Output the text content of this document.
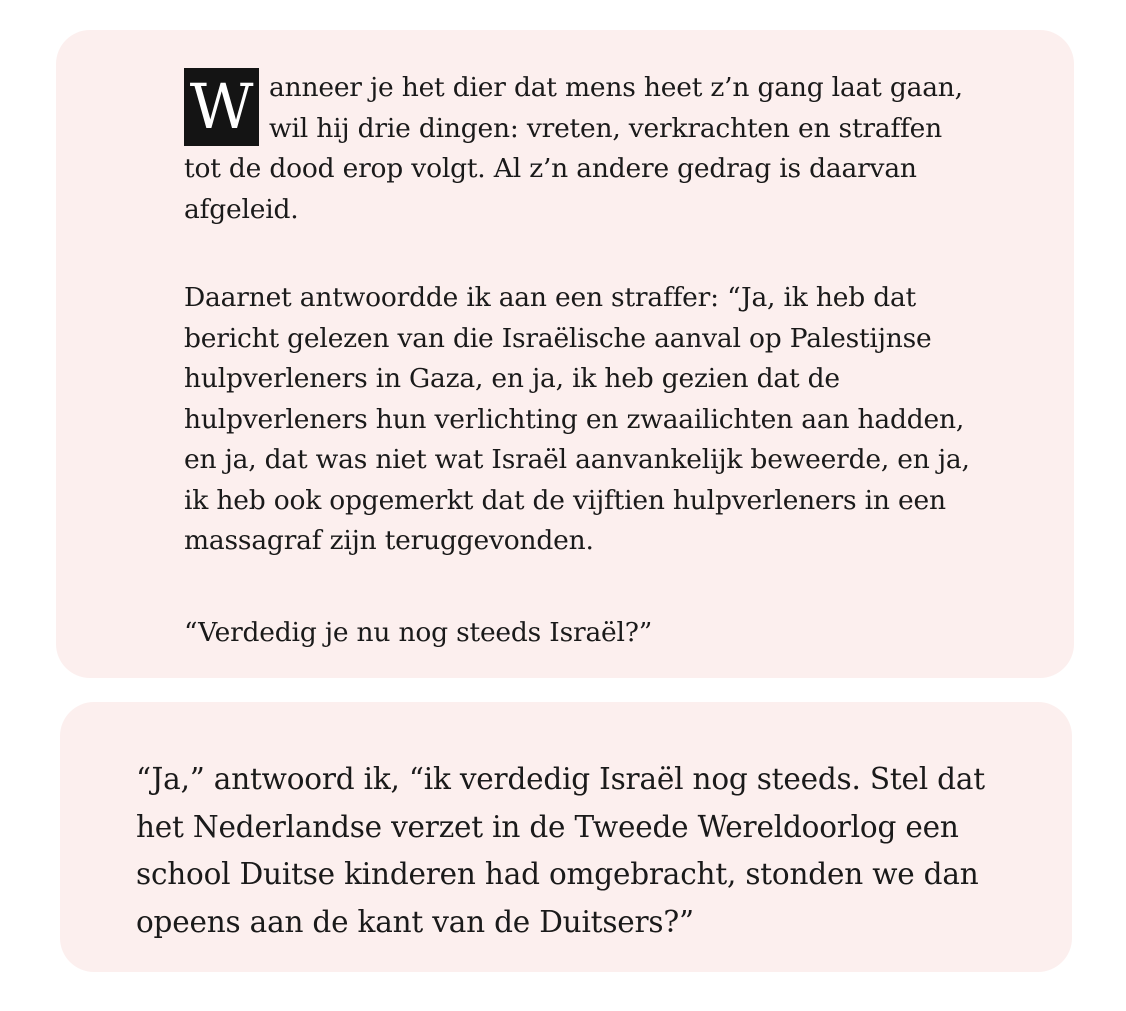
W anneer je het dier dat mens heet z’n gang laat gaan, wil hij drie dingen: vreten, verkrachten en straffen tot de dood erop volgt. Al z’n andere gedrag is daarvan afgeleid.

Daarnet antwoordde ik aan een straffer: “Ja, ik heb dat bericht gelezen van die Israëlische aanval op Palestijnse hulpverleners in Gaza, en ja, ik heb gezien dat de hulpverleners hun verlichting en zwaailichten aan hadden, en ja, dat was niet wat Israël aanvankelijk beweerde, en ja, ik heb ook opgemerkt dat de vijftien hulpverleners in een massagraf zijn teruggevonden.

“Verdedig je nu nog steeds Israël?”

“Ja,” antwoord ik, “ik verdedig Israël nog steeds. Stel dat het Nederlandse verzet in de Tweede Wereldoorlog een school Duitse kinderen had omgebracht, stonden we dan opeens aan de kant van de Duitsers?”
